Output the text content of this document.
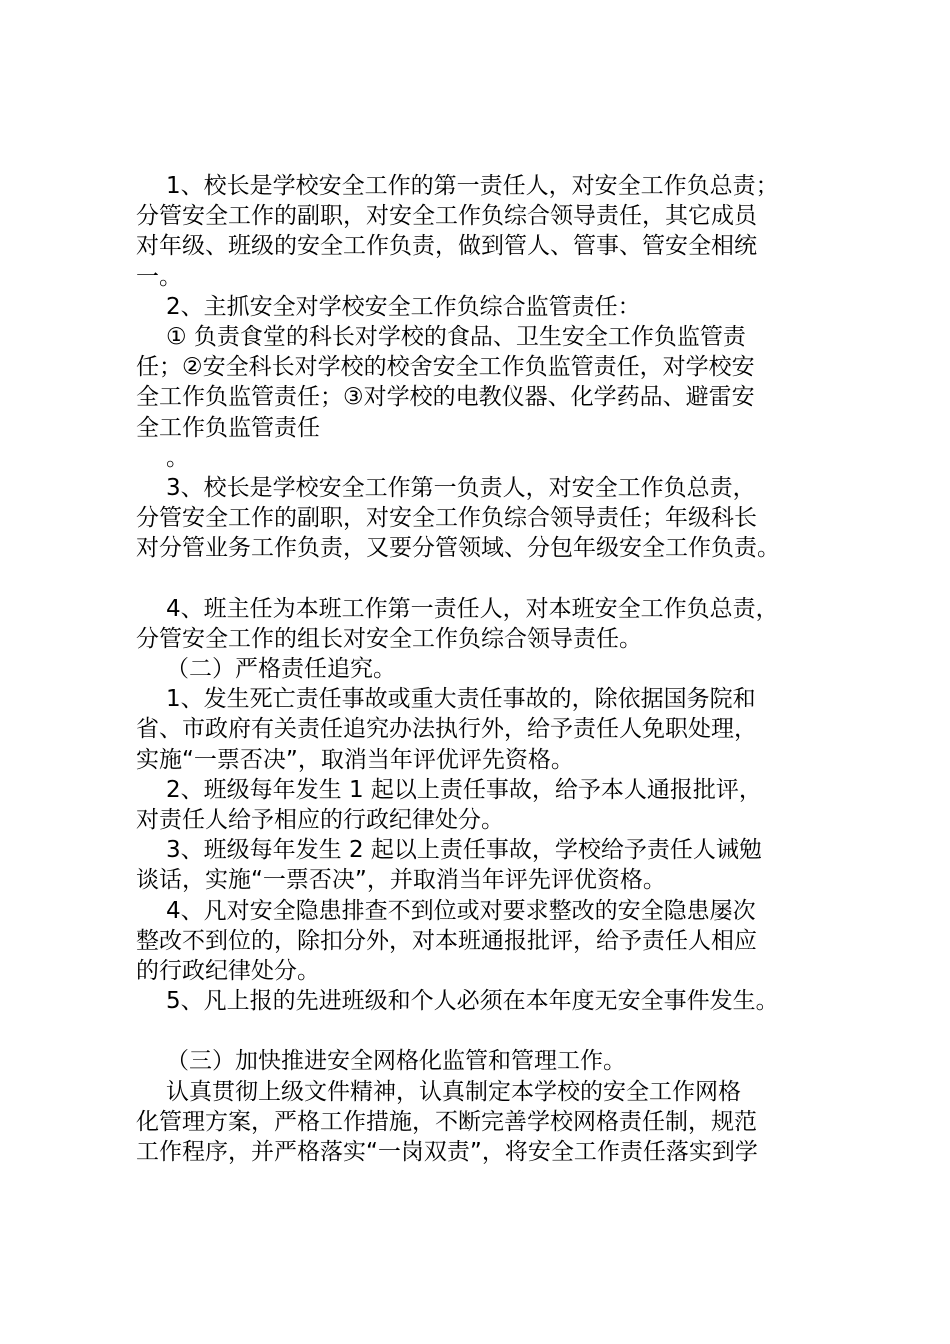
1、校长是学校安全工作的第一责任人，对安全工作负总责；
分管安全工作的副职，对安全工作负综合领导责任，其它成员
对年级、班级的安全工作负责，做到管人、管事、管安全相统
一。
2、主抓安全对学校安全工作负综合监管责任：
① 负责食堂的科长对学校的食品、卫生安全工作负监管责
任；②安全科长对学校的校舍安全工作负监管责任，对学校安
全工作负监管责任；③对学校的电教仪器、化学药品、避雷安
全工作负监管责任
。
3、校长是学校安全工作第一负责人，对安全工作负总责，
分管安全工作的副职，对安全工作负综合领导责任；年级科长
对分管业务工作负责，又要分管领域、分包年级安全工作负责。
4、班主任为本班工作第一责任人，对本班安全工作负总责，
分管安全工作的组长对安全工作负综合领导责任。
（二）严格责任追究。
1、发生死亡责任事故或重大责任事故的，除依据国务院和
省、市政府有关责任追究办法执行外，给予责任人免职处理，
实施“一票否决”，取消当年评优评先资格。
2、班级每年发生 1 起以上责任事故，给予本人通报批评，
对责任人给予相应的行政纪律处分。
3、班级每年发生 2 起以上责任事故，学校给予责任人诫勉
谈话，实施“一票否决”，并取消当年评先评优资格。
4、凡对安全隐患排查不到位或对要求整改的安全隐患屡次
整改不到位的，除扣分外，对本班通报批评，给予责任人相应
的行政纪律处分。
5、凡上报的先进班级和个人必须在本年度无安全事件发生。
（三）加快推进安全网格化监管和管理工作。
认真贯彻上级文件精神，认真制定本学校的安全工作网格
化管理方案，严格工作措施，不断完善学校网格责任制，规范
工作程序，并严格落实“一岗双责”，将安全工作责任落实到学
